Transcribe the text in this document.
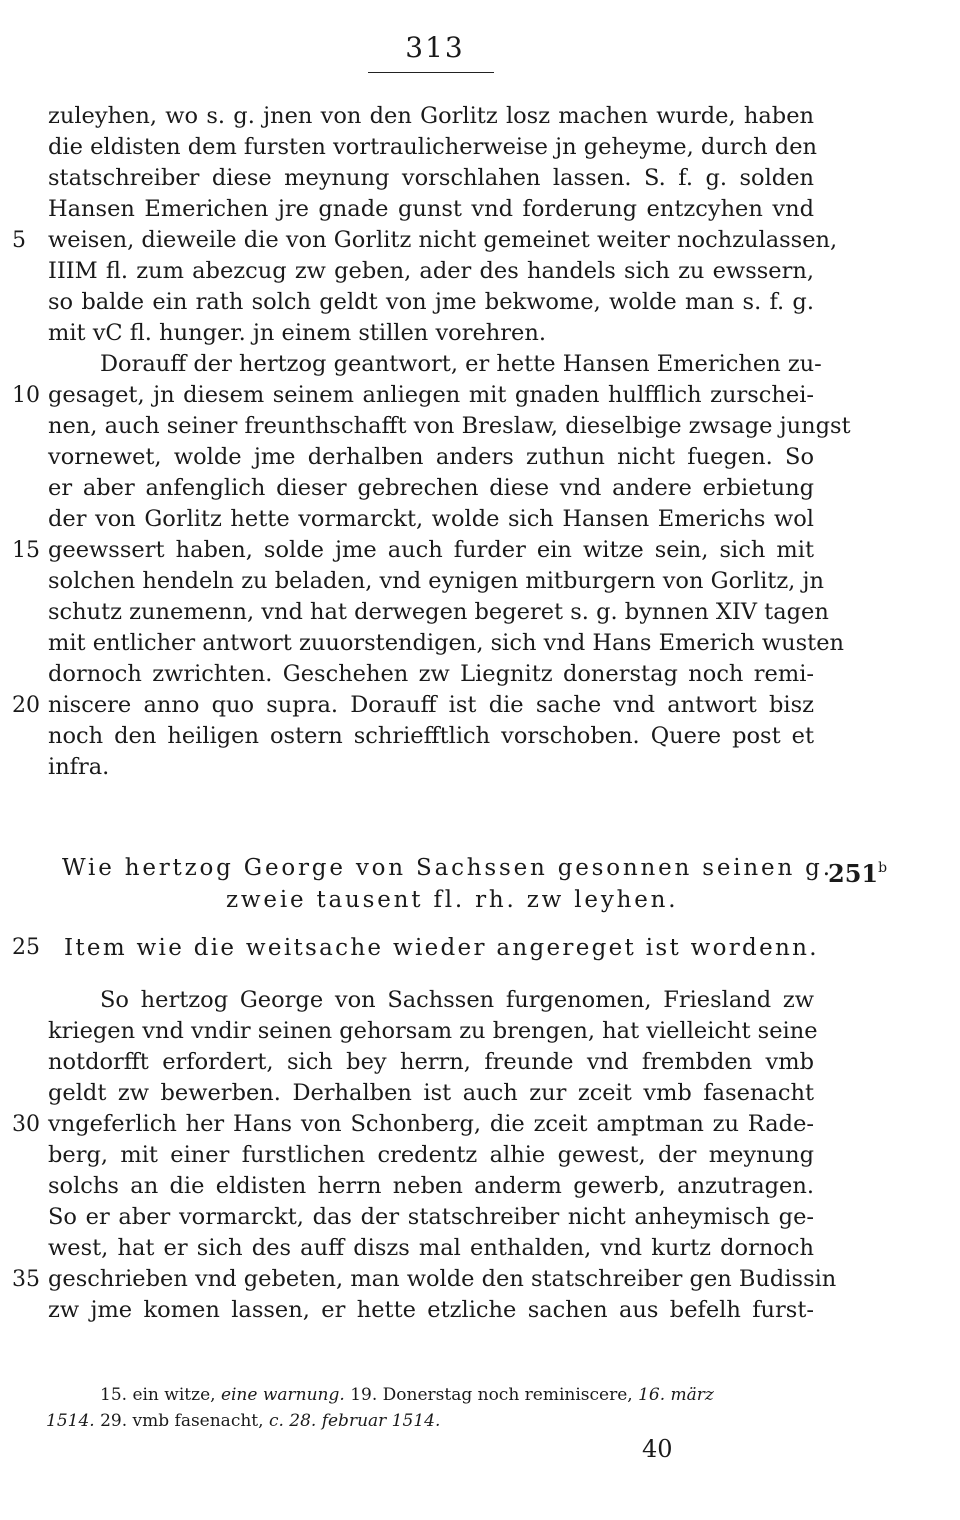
313
zuleyhen, wo s. g. jnen von den Gorlitz losz machen wurde, haben
die eldisten dem fursten vortraulicherweise jn geheyme, durch den
statschreiber diese meynung vorschlahen lassen. S. f. g. solden
Hansen Emerichen jre gnade gunst vnd forderung entzcyhen vnd
5 weisen, dieweile die von Gorlitz nicht gemeinet weiter nochzulassen,
IIIM fl. zum abezcug zw geben, ader des handels sich zu ewssern,
so balde ein rath solch geldt von jme bekwome, wolde man s. f. g.
mit vC fl. hunger. jn einem stillen vorehren.
Dorauff der hertzog geantwort, er hette Hansen Emerichen zu-
10 gesaget, jn diesem seinem anliegen mit gnaden hulfflich zurschei-
nen, auch seiner freunthschafft von Breslaw, dieselbige zwsage jungst
vornewet, wolde jme derhalben anders zuthun nicht fuegen. So
er aber anfenglich dieser gebrechen diese vnd andere erbietung
der von Gorlitz hette vormarckt, wolde sich Hansen Emerichs wol
15 geewssert haben, solde jme auch furder ein witze sein, sich mit
solchen hendeln zu beladen, vnd eynigen mitburgern von Gorlitz, jn
schutz zunemenn, vnd hat derwegen begeret s. g. bynnen XIV tagen
mit entlicher antwort zuuorstendigen, sich vnd Hans Emerich wusten
dornoch zwrichten. Geschehen zw Liegnitz donerstag noch remi-
20 niscere anno quo supra. Dorauff ist die sache vnd antwort bisz
noch den heiligen ostern schriefftlich vorschoben. Quere post et
infra.
Wie hertzog George von Sachssen gesonnen seinen g.
zweie tausent fl. rh. zw leyhen.
251$^b$
25 Item wie die weitsache wieder angereget ist wordenn.
So hertzog George von Sachssen furgenomen, Friesland zw
kriegen vnd vndir seinen gehorsam zu brengen, hat vielleicht seine
notdorfft erfordert, sich bey herrn, freunde vnd frembden vmb
geldt zw bewerben. Derhalben ist auch zur zceit vmb fasenacht
30 vngeferlich her Hans von Schonberg, die zceit amptman zu Rade-
berg, mit einer furstlichen credentz alhie gewest, der meynung
solchs an die eldisten herrn neben anderm gewerb, anzutragen.
So er aber vormarckt, das der statschreiber nicht anheymisch ge-
west, hat er sich des auff diszs mal enthalden, vnd kurtz dornoch
35 geschrieben vnd gebeten, man wolde den statschreiber gen Budissin
zw jme komen lassen, er hette etzliche sachen aus befelh furst-
15. ein witze, eine warnung. 19. Donerstag noch reminiscere, 16. märz
1514. 29. vmb fasenacht, c. 28. februar 1514.
40
